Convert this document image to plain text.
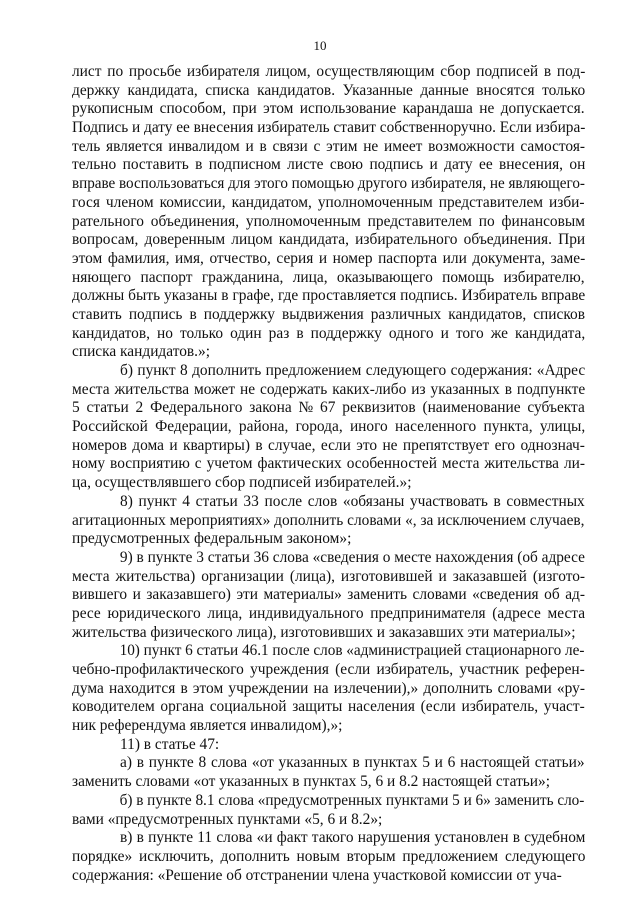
10
лист по просьбе избирателя лицом, осуществляющим сбор подписей в под-
держку кандидата, списка кандидатов. Указанные данные вносятся только
рукописным способом, при этом использование карандаша не допускается.
Подпись и дату ее внесения избиратель ставит собственноручно. Если избира-
тель является инвалидом и в связи с этим не имеет возможности самостоя-
тельно поставить в подписном листе свою подпись и дату ее внесения, он
вправе воспользоваться для этого помощью другого избирателя, не являющего-
гося членом комиссии, кандидатом, уполномоченным представителем изби-
рательного объединения, уполномоченным представителем по финансовым
вопросам, доверенным лицом кандидата, избирательного объединения. При
этом фамилия, имя, отчество, серия и номер паспорта или документа, заме-
няющего паспорт гражданина, лица, оказывающего помощь избирателю,
должны быть указаны в графе, где проставляется подпись. Избиратель вправе
ставить подпись в поддержку выдвижения различных кандидатов, списков
кандидатов, но только один раз в поддержку одного и того же кандидата,
списка кандидатов.»;
б) пункт 8 дополнить предложением следующего содержания: «Адрес
места жительства может не содержать каких-либо из указанных в подпункте
5 статьи 2 Федерального закона № 67 реквизитов (наименование субъекта
Российской Федерации, района, города, иного населенного пункта, улицы,
номеров дома и квартиры) в случае, если это не препятствует его однознач-
ному восприятию с учетом фактических особенностей места жительства ли-
ца, осуществлявшего сбор подписей избирателей.»;
8) пункт 4 статьи 33 после слов «обязаны участвовать в совместных
агитационных мероприятиях» дополнить словами «, за исключением случаев,
предусмотренных федеральным законом»;
9) в пункте 3 статьи 36 слова «сведения о месте нахождения (об адресе
места жительства) организации (лица), изготовившей и заказавшей (изгото-
вившего и заказавшего) эти материалы» заменить словами «сведения об ад-
ресе юридического лица, индивидуального предпринимателя (адресе места
жительства физического лица), изготовивших и заказавших эти материалы»;
10) пункт 6 статьи 46.1 после слов «администрацией стационарного ле-
чебно-профилактического учреждения (если избиратель, участник референ-
дума находится в этом учреждении на излечении),» дополнить словами «ру-
ководителем органа социальной защиты населения (если избиратель, участ-
ник референдума является инвалидом),»;
11) в статье 47:
а) в пункте 8 слова «от указанных в пунктах 5 и 6 настоящей статьи»
заменить словами «от указанных в пунктах 5, 6 и 8.2 настоящей статьи»;
б) в пункте 8.1 слова «предусмотренных пунктами 5 и 6» заменить сло-
вами «предусмотренных пунктами «5, 6 и 8.2»;
в) в пункте 11 слова «и факт такого нарушения установлен в судебном
порядке» исключить, дополнить новым вторым предложением следующего
содержания: «Решение об отстранении члена участковой комиссии от уча-
